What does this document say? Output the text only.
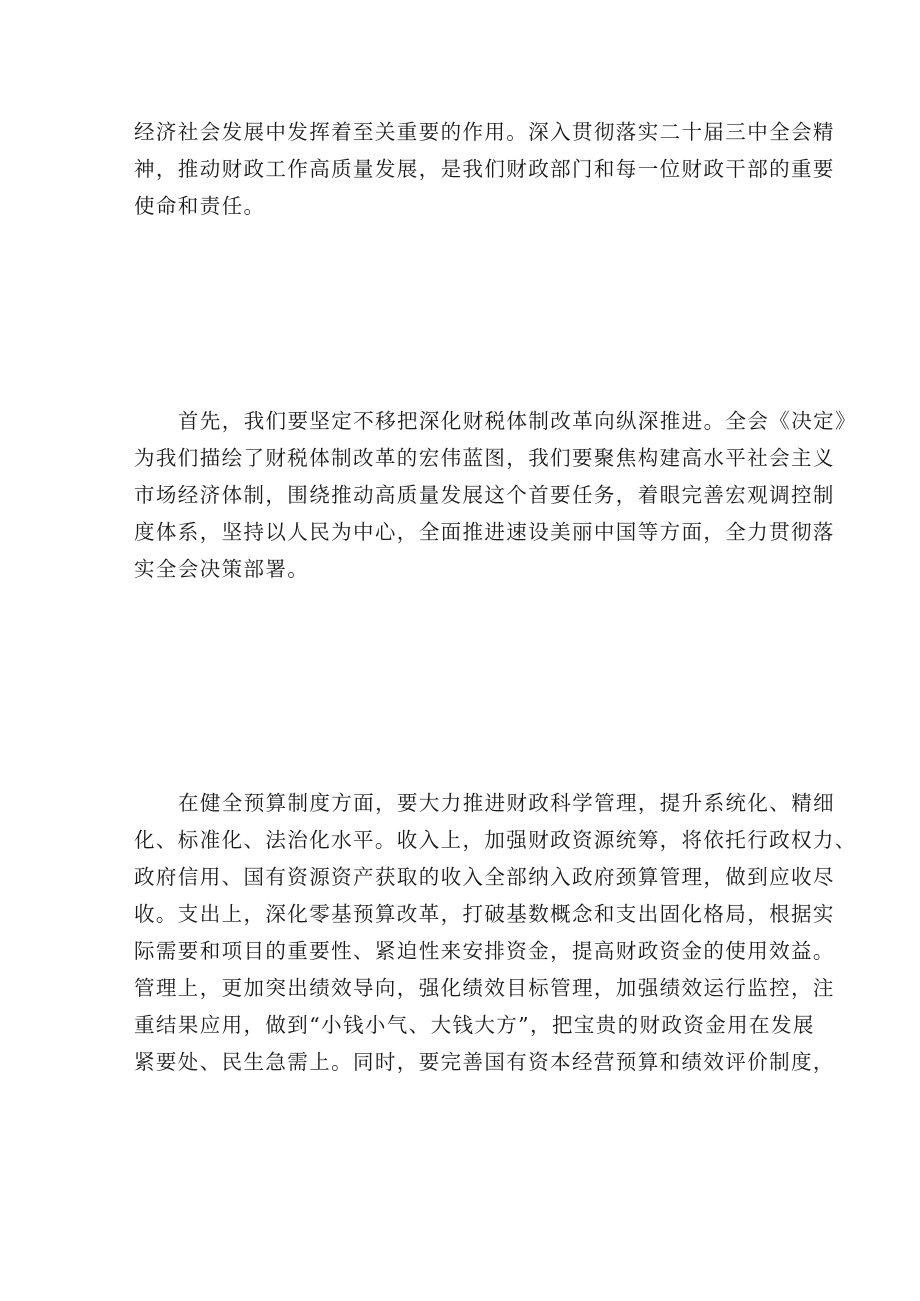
经济社会发展中发挥着至关重要的作用。深入贯彻落实二十届三中全会精
神，推动财政工作高质量发展，是我们财政部门和每一位财政干部的重要
使命和责任。

首先，我们要坚定不移把深化财税体制改革向纵深推进。全会《决定》
为我们描绘了财税体制改革的宏伟蓝图，我们要聚焦构建高水平社会主义
市场经济体制，围绕推动高质量发展这个首要任务，着眼完善宏观调控制
度体系，坚持以人民为中心，全面推进速设美丽中国等方面，全力贯彻落
实全会决策部署。

在健全预算制度方面，要大力推进财政科学管理，提升系统化、精细
化、标准化、法治化水平。收入上，加强财政资源统筹，将依托行政权力、
政府信用、国有资源资产获取的收入全部纳入政府颈算管理，做到应收尽
收。支出上，深化零基预算改革，打破基数概念和支出固化格局，根据实
际需要和项目的重要性、紧迫性来安排资金，提高财政资金的使用效益。
管理上，更加突出绩效导向，强化绩效目标管理，加强绩效运行监控，注
重结果应用，做到“小钱小气、大钱大方”，把宝贵的财政资金用在发展
紧要处、民生急需上。同时，要完善国有资本经营预算和绩效评价制度，
